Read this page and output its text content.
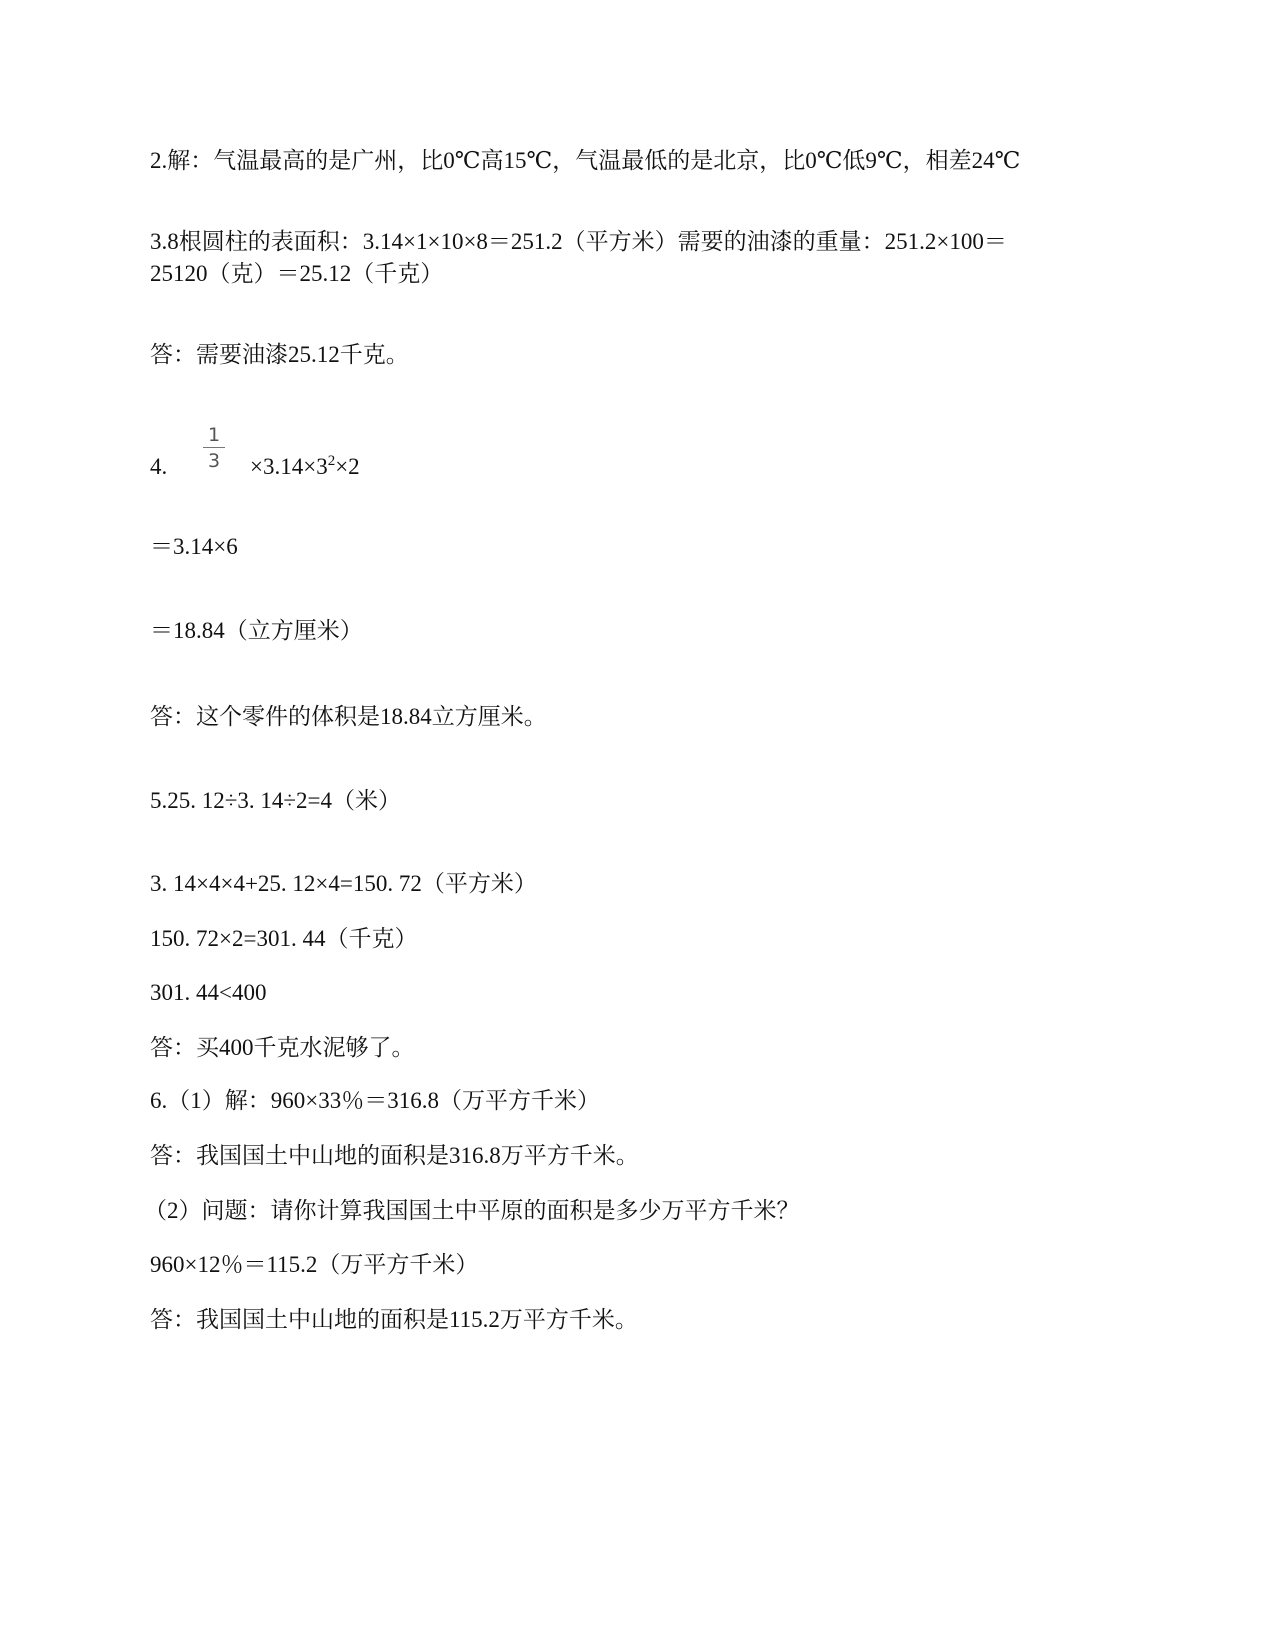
2.解：气温最高的是广州，比0℃高15℃，气温最低的是北京，比0℃低9℃，相差24℃
3.8根圆柱的表面积：3.14×1×10×8＝251.2（平方米）需要的油漆的重量：251.2×100＝
25120（克）＝25.12（千克）
答：需要油漆25.12千克。
4.
1
$3 \times 3.14\times 3^2\times 2$
＝3.14×6
＝18.84（立方厘米）
答：这个零件的体积是18.84立方厘米。
5.25. 12÷3. 14÷2=4（米）
3. 14×4×4+25. 12×4=150. 72（平方米）
150. 72×2=301. 44（千克）
301. 44<400
答：买400千克水泥够了。
6.（1）解：960×33％＝316.8（万平方千米）
答：我国国土中山地的面积是316.8万平方千米。
（2）问题：请你计算我国国土中平原的面积是多少万平方千米？
960×12％＝115.2（万平方千米）
答：我国国土中山地的面积是115.2万平方千米。
